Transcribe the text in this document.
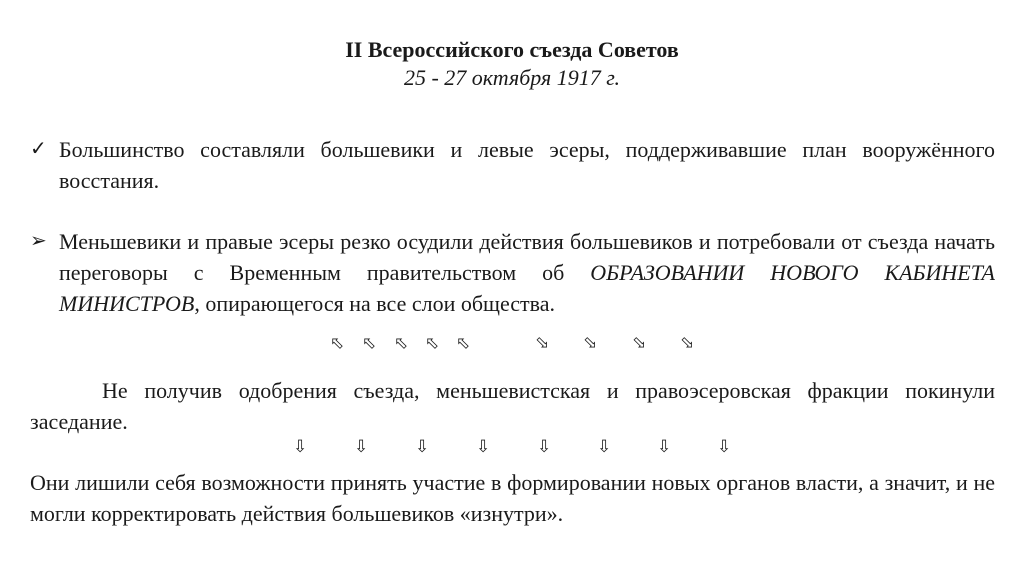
II Всероссийского съезда Советов
25 - 27 октября 1917 г.
✓ Большинство составляли большевики и левые эсеры, поддерживавшие план вооружённого восстания.
➢ Меньшевики и правые эсеры резко осудили действия большевиков и потребовали от съезда начать переговоры с Временным правительством об ОБРАЗОВАНИИ НОВОГО КАБИНЕТА МИНИСТРОВ, опирающегося на все слои общества.
⬂ ⬂ ⬂ ⬂ ⬂	⬂ ⬂ ⬂ ⬂
Не получив одобрения съезда, меньшевистская и правоэсеровская фракции покинули заседание.
⇩	⇩	⇩	⇩	⇩	⇩	⇩	⇩
Они лишили себя возможности принять участие в формировании новых органов власти, а значит, и не могли корректировать действия большевиков «изнутри».
